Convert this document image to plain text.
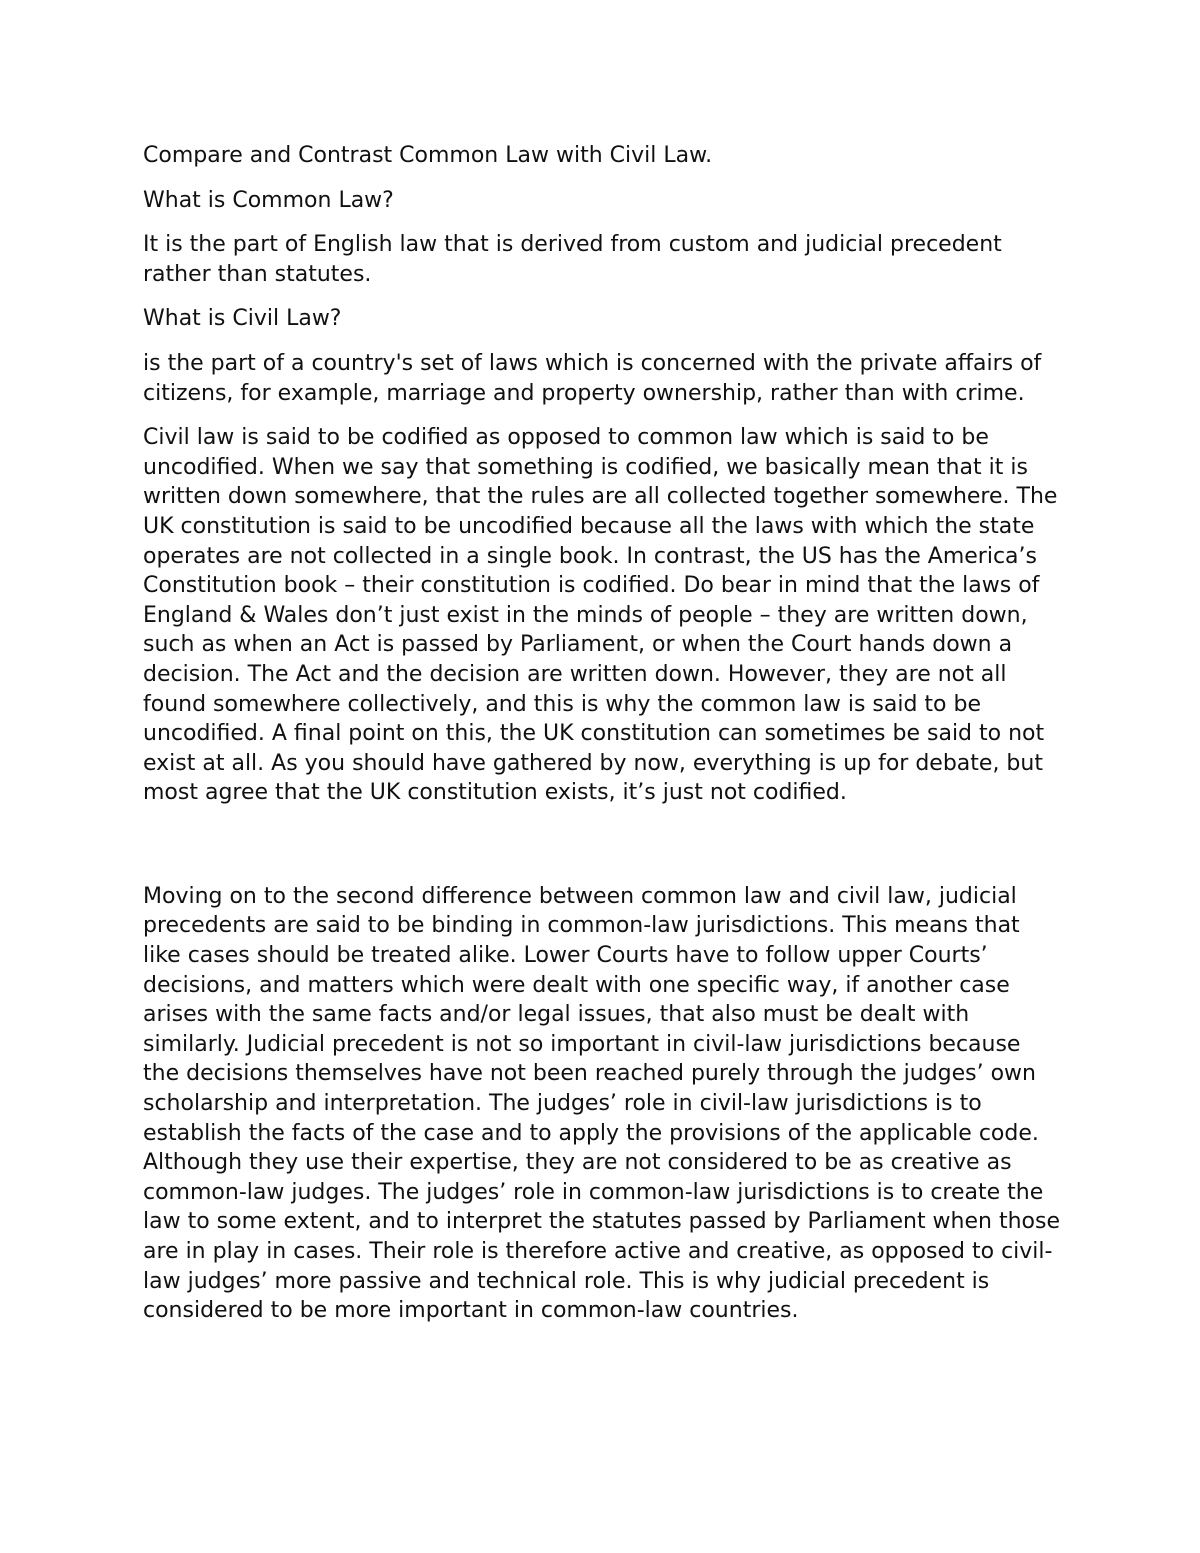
Compare and Contrast Common Law with Civil Law.

What is Common Law?

It is the part of English law that is derived from custom and judicial precedent rather than statutes.

What is Civil Law?

is the part of a country's set of laws which is concerned with the private affairs of citizens, for example, marriage and property ownership, rather than with crime.

Civil law is said to be codified as opposed to common law which is said to be uncodified. When we say that something is codified, we basically mean that it is written down somewhere, that the rules are all collected together somewhere. The UK constitution is said to be uncodified because all the laws with which the state operates are not collected in a single book. In contrast, the US has the America’s Constitution book – their constitution is codified. Do bear in mind that the laws of England & Wales don’t just exist in the minds of people – they are written down, such as when an Act is passed by Parliament, or when the Court hands down a decision. The Act and the decision are written down. However, they are not all found somewhere collectively, and this is why the common law is said to be uncodified. A final point on this, the UK constitution can sometimes be said to not exist at all. As you should have gathered by now, everything is up for debate, but most agree that the UK constitution exists, it’s just not codified.

Moving on to the second difference between common law and civil law, judicial precedents are said to be binding in common-law jurisdictions. This means that like cases should be treated alike. Lower Courts have to follow upper Courts’ decisions, and matters which were dealt with one specific way, if another case arises with the same facts and/or legal issues, that also must be dealt with similarly. Judicial precedent is not so important in civil-law jurisdictions because the decisions themselves have not been reached purely through the judges’ own scholarship and interpretation. The judges’ role in civil-law jurisdictions is to establish the facts of the case and to apply the provisions of the applicable code. Although they use their expertise, they are not considered to be as creative as common-law judges. The judges’ role in common-law jurisdictions is to create the law to some extent, and to interpret the statutes passed by Parliament when those are in play in cases. Their role is therefore active and creative, as opposed to civil-law judges’ more passive and technical role. This is why judicial precedent is considered to be more important in common-law countries.
